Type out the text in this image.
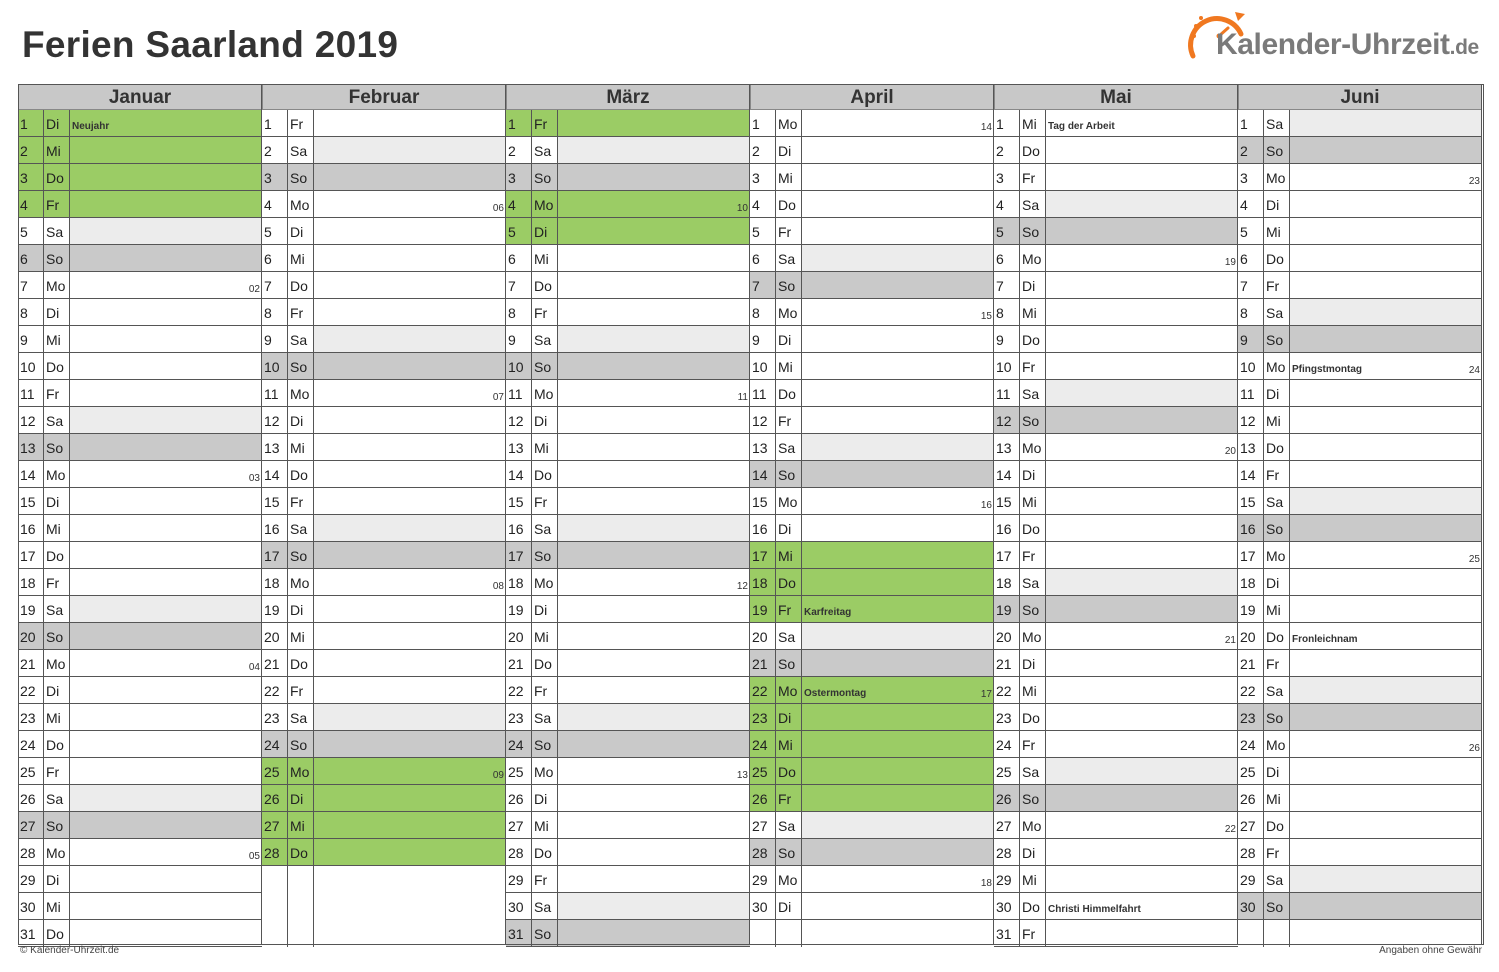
Ferien Saarland 2019	Kalender-Uhrzeit.de
Januar
1	Di	Neujahr
2	Mi
3	Do
4	Fr
5	Sa
6	So
7	Mo	02
8	Di
9	Mi
10 Do
11 Fr
12 Sa
13 So
14 Mo	03
15 Di
16 Mi
17 Do
18 Fr
19 Sa
20 So
21 Mo	04
22 Di
23 Mi
24 Do
25 Fr
26 Sa
27 So
28 Mo	05
29 Di
30 Mi
31 Do
Februar
1	Fr
2	Sa
3	So
4	Mo	06
5	Di
6	Mi
7	Do
8	Fr
9	Sa
10 So
11 Mo	07
12 Di
13 Mi
14 Do
15 Fr
16 Sa
17 So
18 Mo	08
19 Di
20 Mi
21 Do
22 Fr
23 Sa
24 So
25 Mo	09
26 Di
27 Mi
28 Do
März
1	Fr
2	Sa
3	So
4	Mo	10
5	Di
6	Mi
7	Do
8	Fr
9	Sa
10 So
11 Mo	11
12 Di
13 Mi
14 Do
15 Fr
16 Sa
17 So
18 Mo	12
19 Di
20 Mi
21 Do
22 Fr
23 Sa
24 So
25 Mo	13
26 Di
27 Mi
28 Do
29 Fr
30 Sa
31 So
April
1	Mo	14
2	Di
3	Mi
4	Do
5	Fr
6	Sa
7	So
8	Mo	15
9	Di
10 Mi
11 Do
12 Fr
13 Sa
14 So
15 Mo	16
16 Di
17 Mi
18 Do
19 Fr	Karfreitag
20 Sa
21 So
22 Mo Ostermontag	17
23 Di
24 Mi
25 Do
26 Fr
27 Sa
28 So
29 Mo	18
30 Di
Mai
1	Mi	Tag der Arbeit
2	Do
3	Fr
4	Sa
5	So
6	Mo	19
7	Di
8	Mi
9	Do
10 Fr
11 Sa
12 So
13 Mo	20
14 Di
15 Mi
16 Do
17 Fr
18 Sa
19 So
20 Mo	21
21 Di
22 Mi
23 Do
24 Fr
25 Sa
26 So
27 Mo	22
28 Di
29 Mi
30 Do Christi Himmelfahrt
31 Fr
Juni
1	Sa
2	So
3	Mo	23
4	Di
5	Mi
6	Do
7	Fr
8	Sa
9	So
10 Mo Pfingstmontag	24
11 Di
12 Mi
13 Do
14 Fr
15 Sa
16 So
17 Mo	25
18 Di
19 Mi
20 Do Fronleichnam
21 Fr
22 Sa
23 So
24 Mo	26
25 Di
26 Mi
27 Do
28 Fr
29 Sa
30 So
© Kalender-Uhrzeit.de	Angaben ohne Gewähr
